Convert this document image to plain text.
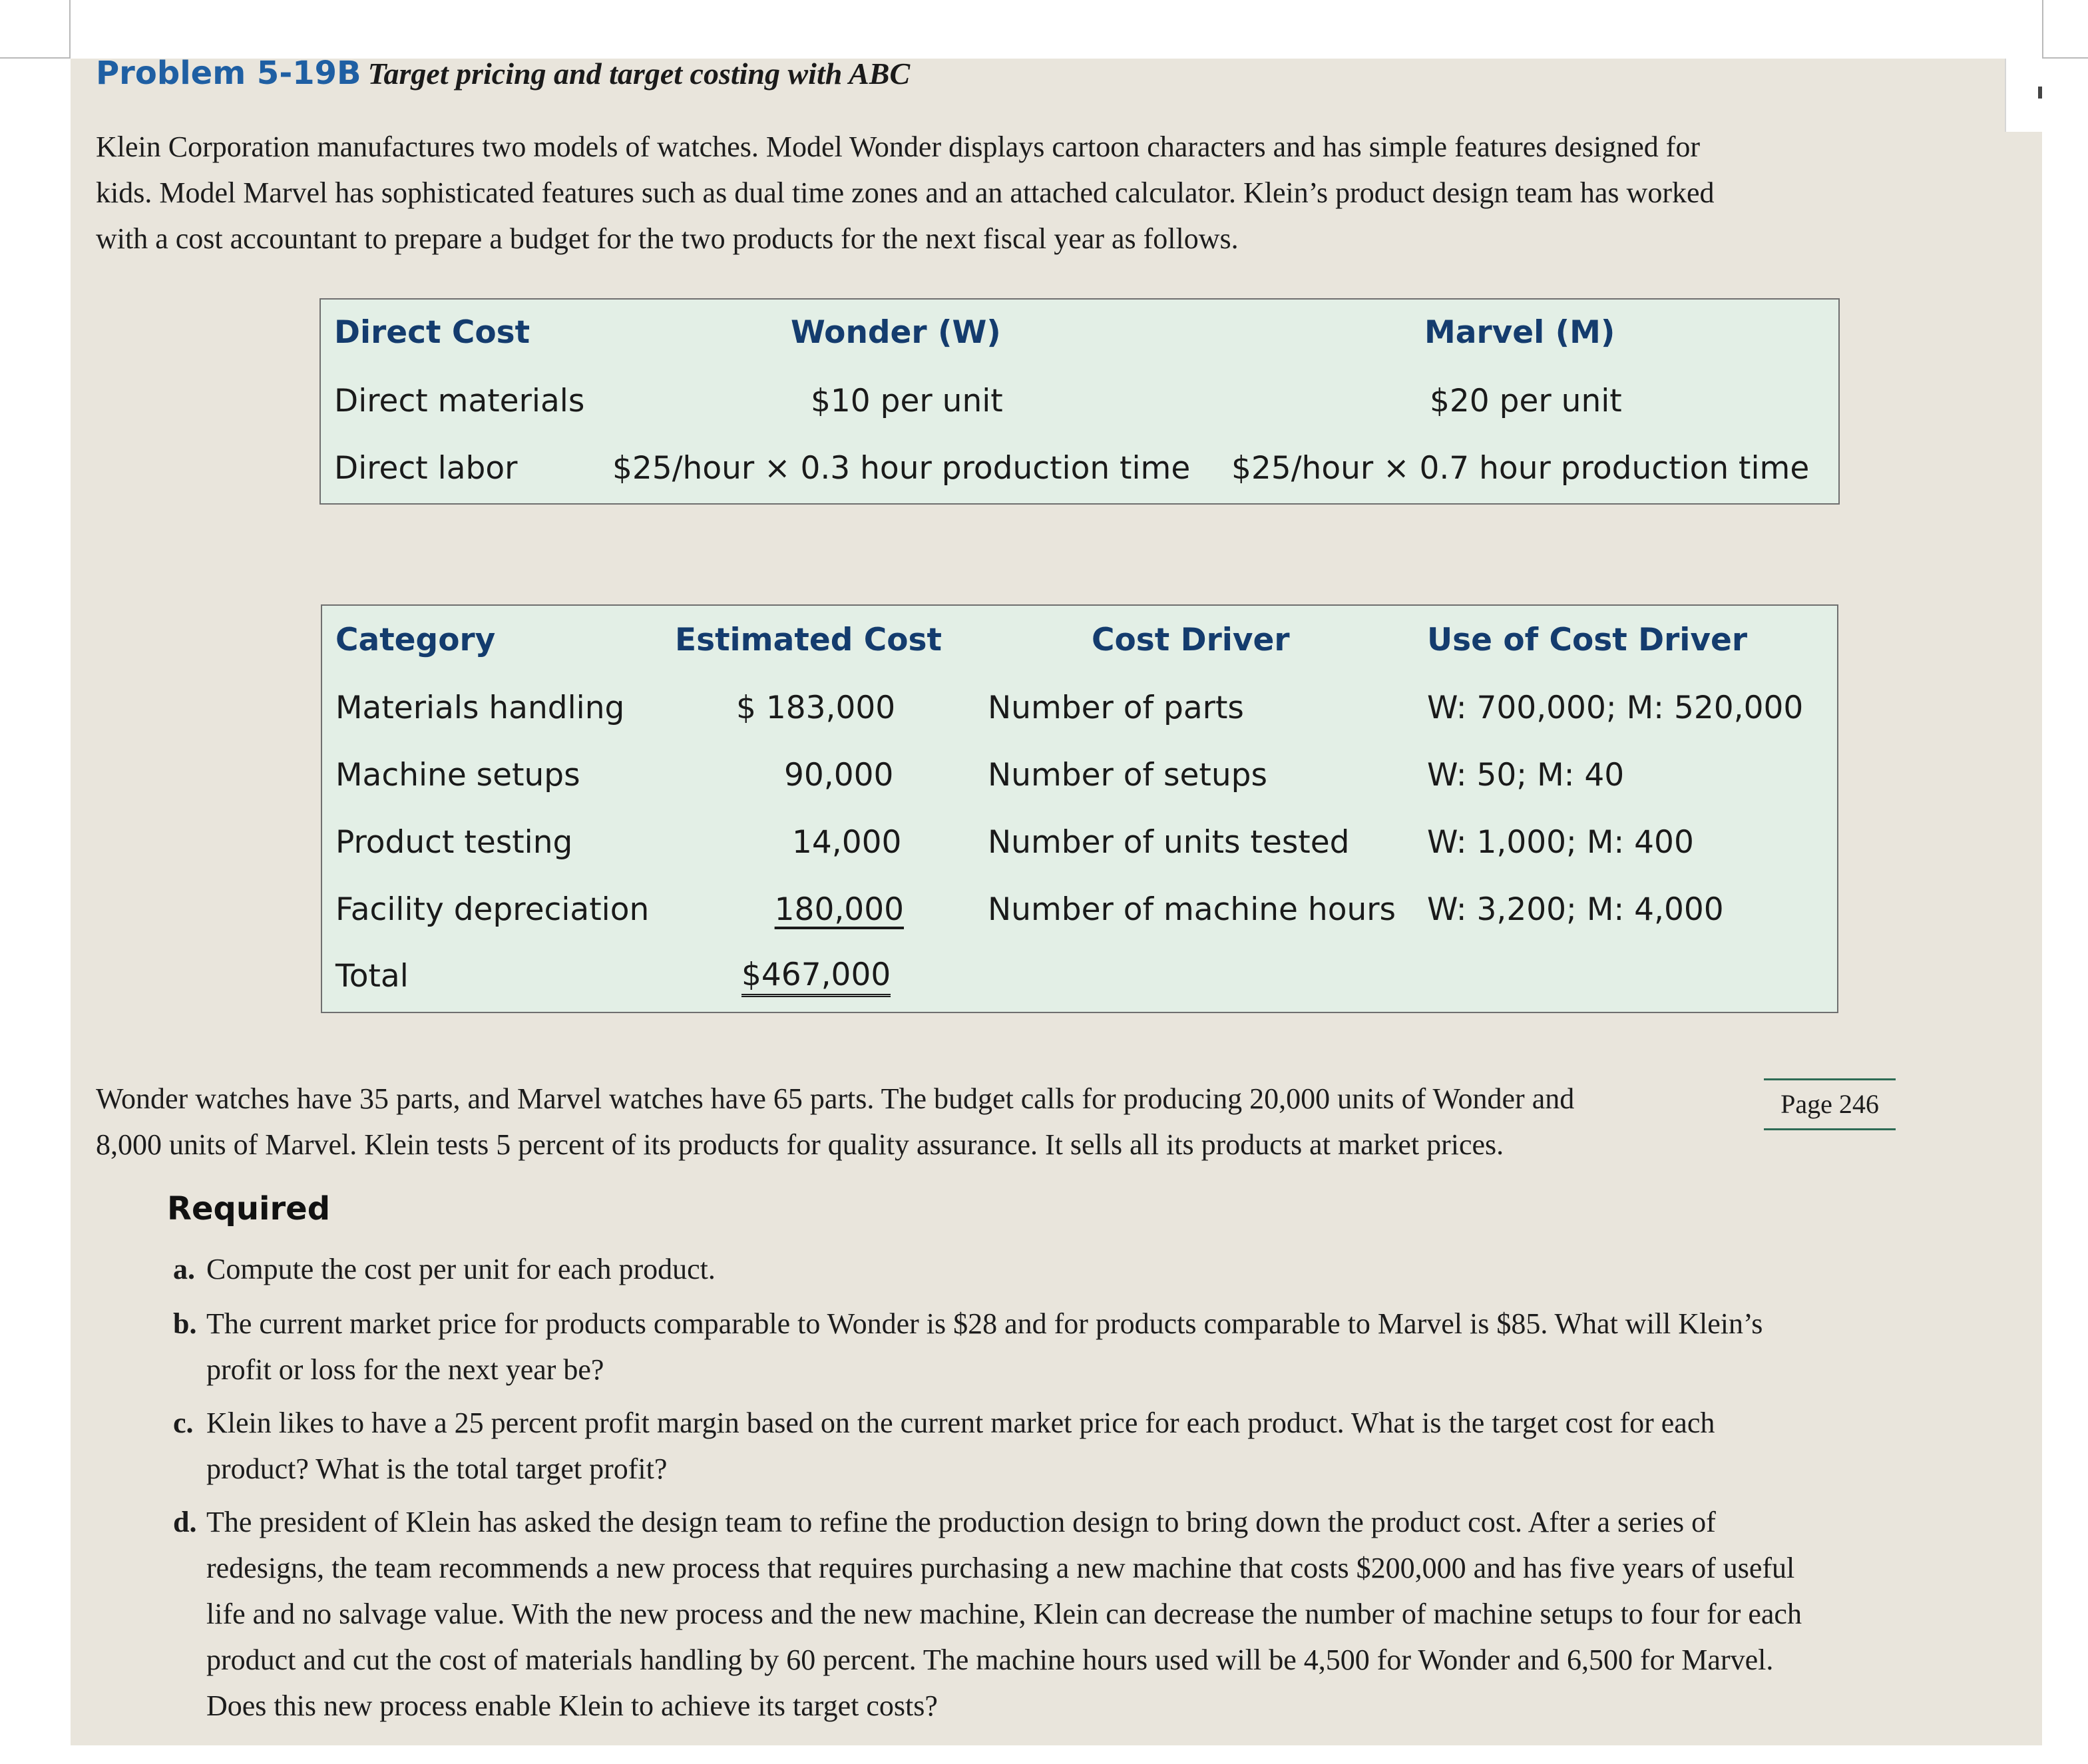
Problem 5-19B Target pricing and target costing with ABC
Klein Corporation manufactures two models of watches. Model Wonder displays cartoon characters and has simple features designed for
kids. Model Marvel has sophisticated features such as dual time zones and an attached calculator. Klein’s product design team has worked
with a cost accountant to prepare a budget for the two products for the next fiscal year as follows.
Direct Cost	Wonder (W)	Marvel (M)
Direct materials	$10 per unit	$20 per unit
Direct labor	$25/hour × 0.3 hour production time $25/hour × 0.7 hour production time
Category	Estimated Cost	Cost Driver	Use of Cost Driver
Materials handling	$ 183,000	Number of parts	W: 700,000; M: 520,000
Machine setups	90,000	Number of setups	W: 50; M: 40
Product testing	14,000	Number of units tested W: 1,000; M: 400
Facility depreciation	180,000	Number of machine hours W: 3,200; M: 4,000
Total	$467,000
Wonder watches have 35 parts, and Marvel watches have 65 parts. The budget calls for producing 20,000 units of Wonder and
8,000 units of Marvel. Klein tests 5 percent of its products for quality assurance. It sells all its products at market prices.
Page 246
Required
a. Compute the cost per unit for each product.
b. The current market price for products comparable to Wonder is $28 and for products comparable to Marvel is $85. What will Klein’s
profit or loss for the next year be?
c. Klein likes to have a 25 percent profit margin based on the current market price for each product. What is the target cost for each
product? What is the total target profit?
d. The president of Klein has asked the design team to refine the production design to bring down the product cost. After a series of
redesigns, the team recommends a new process that requires purchasing a new machine that costs $200,000 and has five years of useful
life and no salvage value. With the new process and the new machine, Klein can decrease the number of machine setups to four for each
product and cut the cost of materials handling by 60 percent. The machine hours used will be 4,500 for Wonder and 6,500 for Marvel.
Does this new process enable Klein to achieve its target costs?
